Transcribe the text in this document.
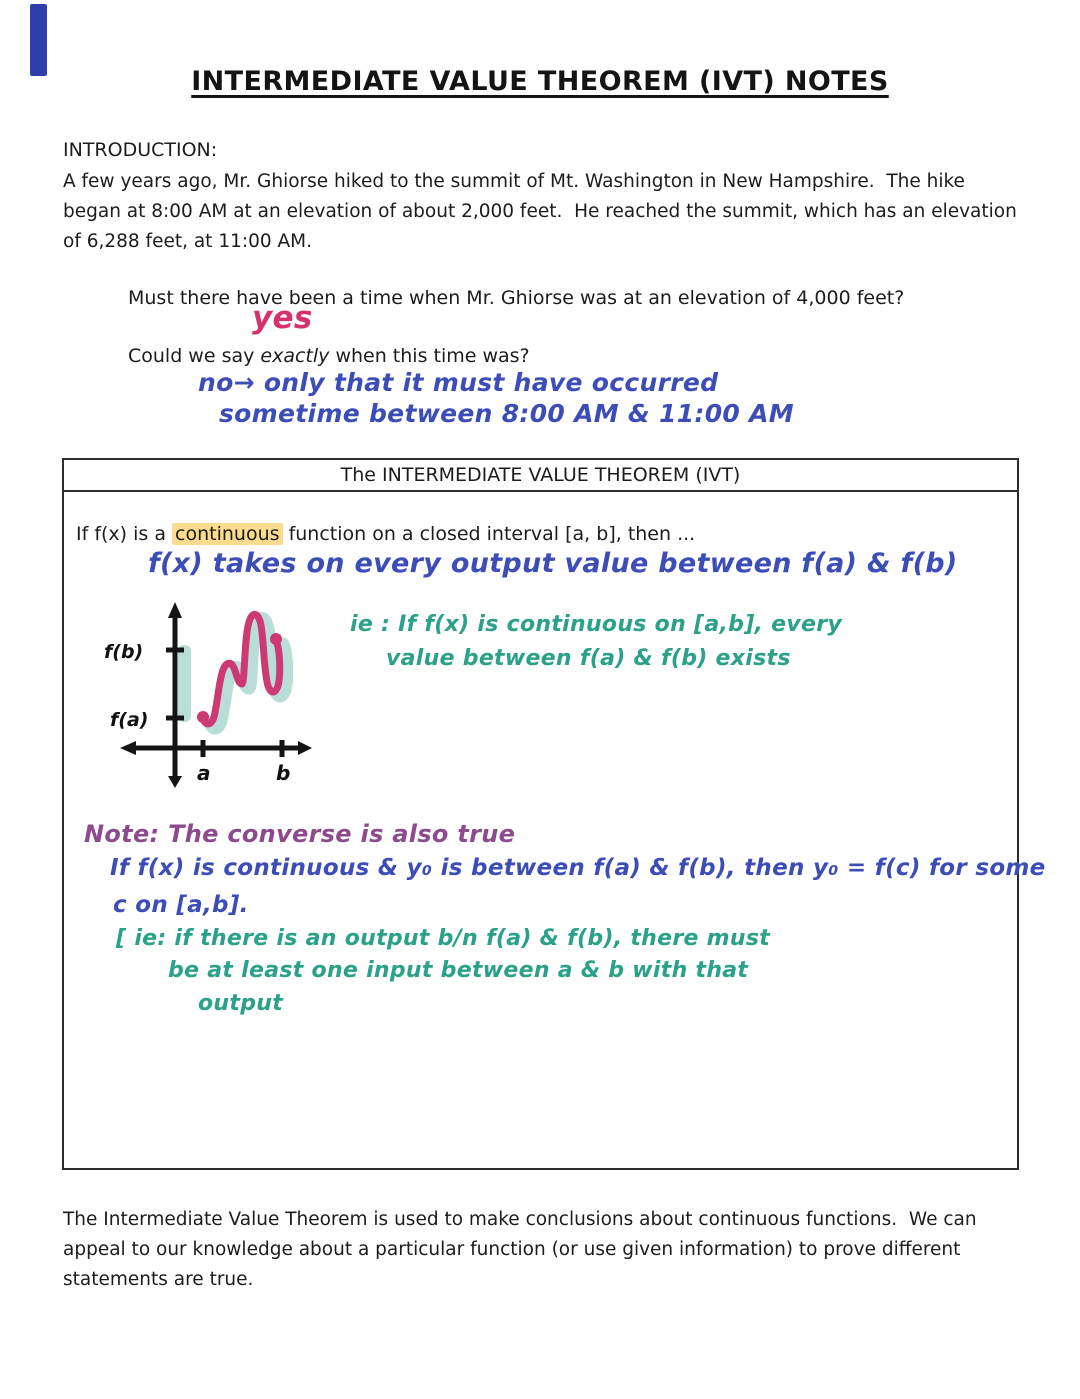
INTERMEDIATE VALUE THEOREM (IVT) NOTES
INTRODUCTION:
A few years ago, Mr. Ghiorse hiked to the summit of Mt. Washington in New Hampshire.  The hike began at 8:00 AM at an elevation of about 2,000 feet.  He reached the summit, which has an elevation of 6,288 feet, at 11:00 AM.
Must there have been a time when Mr. Ghiorse was at an elevation of 4,000 feet?
yes
Could we say exactly when this time was?
no→ only that it must have occurred
sometime between 8:00 AM & 11:00 AM
The INTERMEDIATE VALUE THEOREM (IVT)
If f(x) is a continuous function on a closed interval [a, b], then ...
f(x) takes on every output value between f(a) & f(b)
f(b)
f(a)
a	b
ie : If f(x) is continuous on [a,b], every
value between f(a) & f(b) exists
Note: The converse is also true
If f(x) is continuous & y₀ is between f(a) & f(b), then y₀ = f(c) for some
c on [a,b].
[ ie: if there is an output b/n f(a) & f(b), there must
be at least one input between a & b with that
output
The Intermediate Value Theorem is used to make conclusions about continuous functions.  We can appeal to our knowledge about a particular function (or use given information) to prove different statements are true.
